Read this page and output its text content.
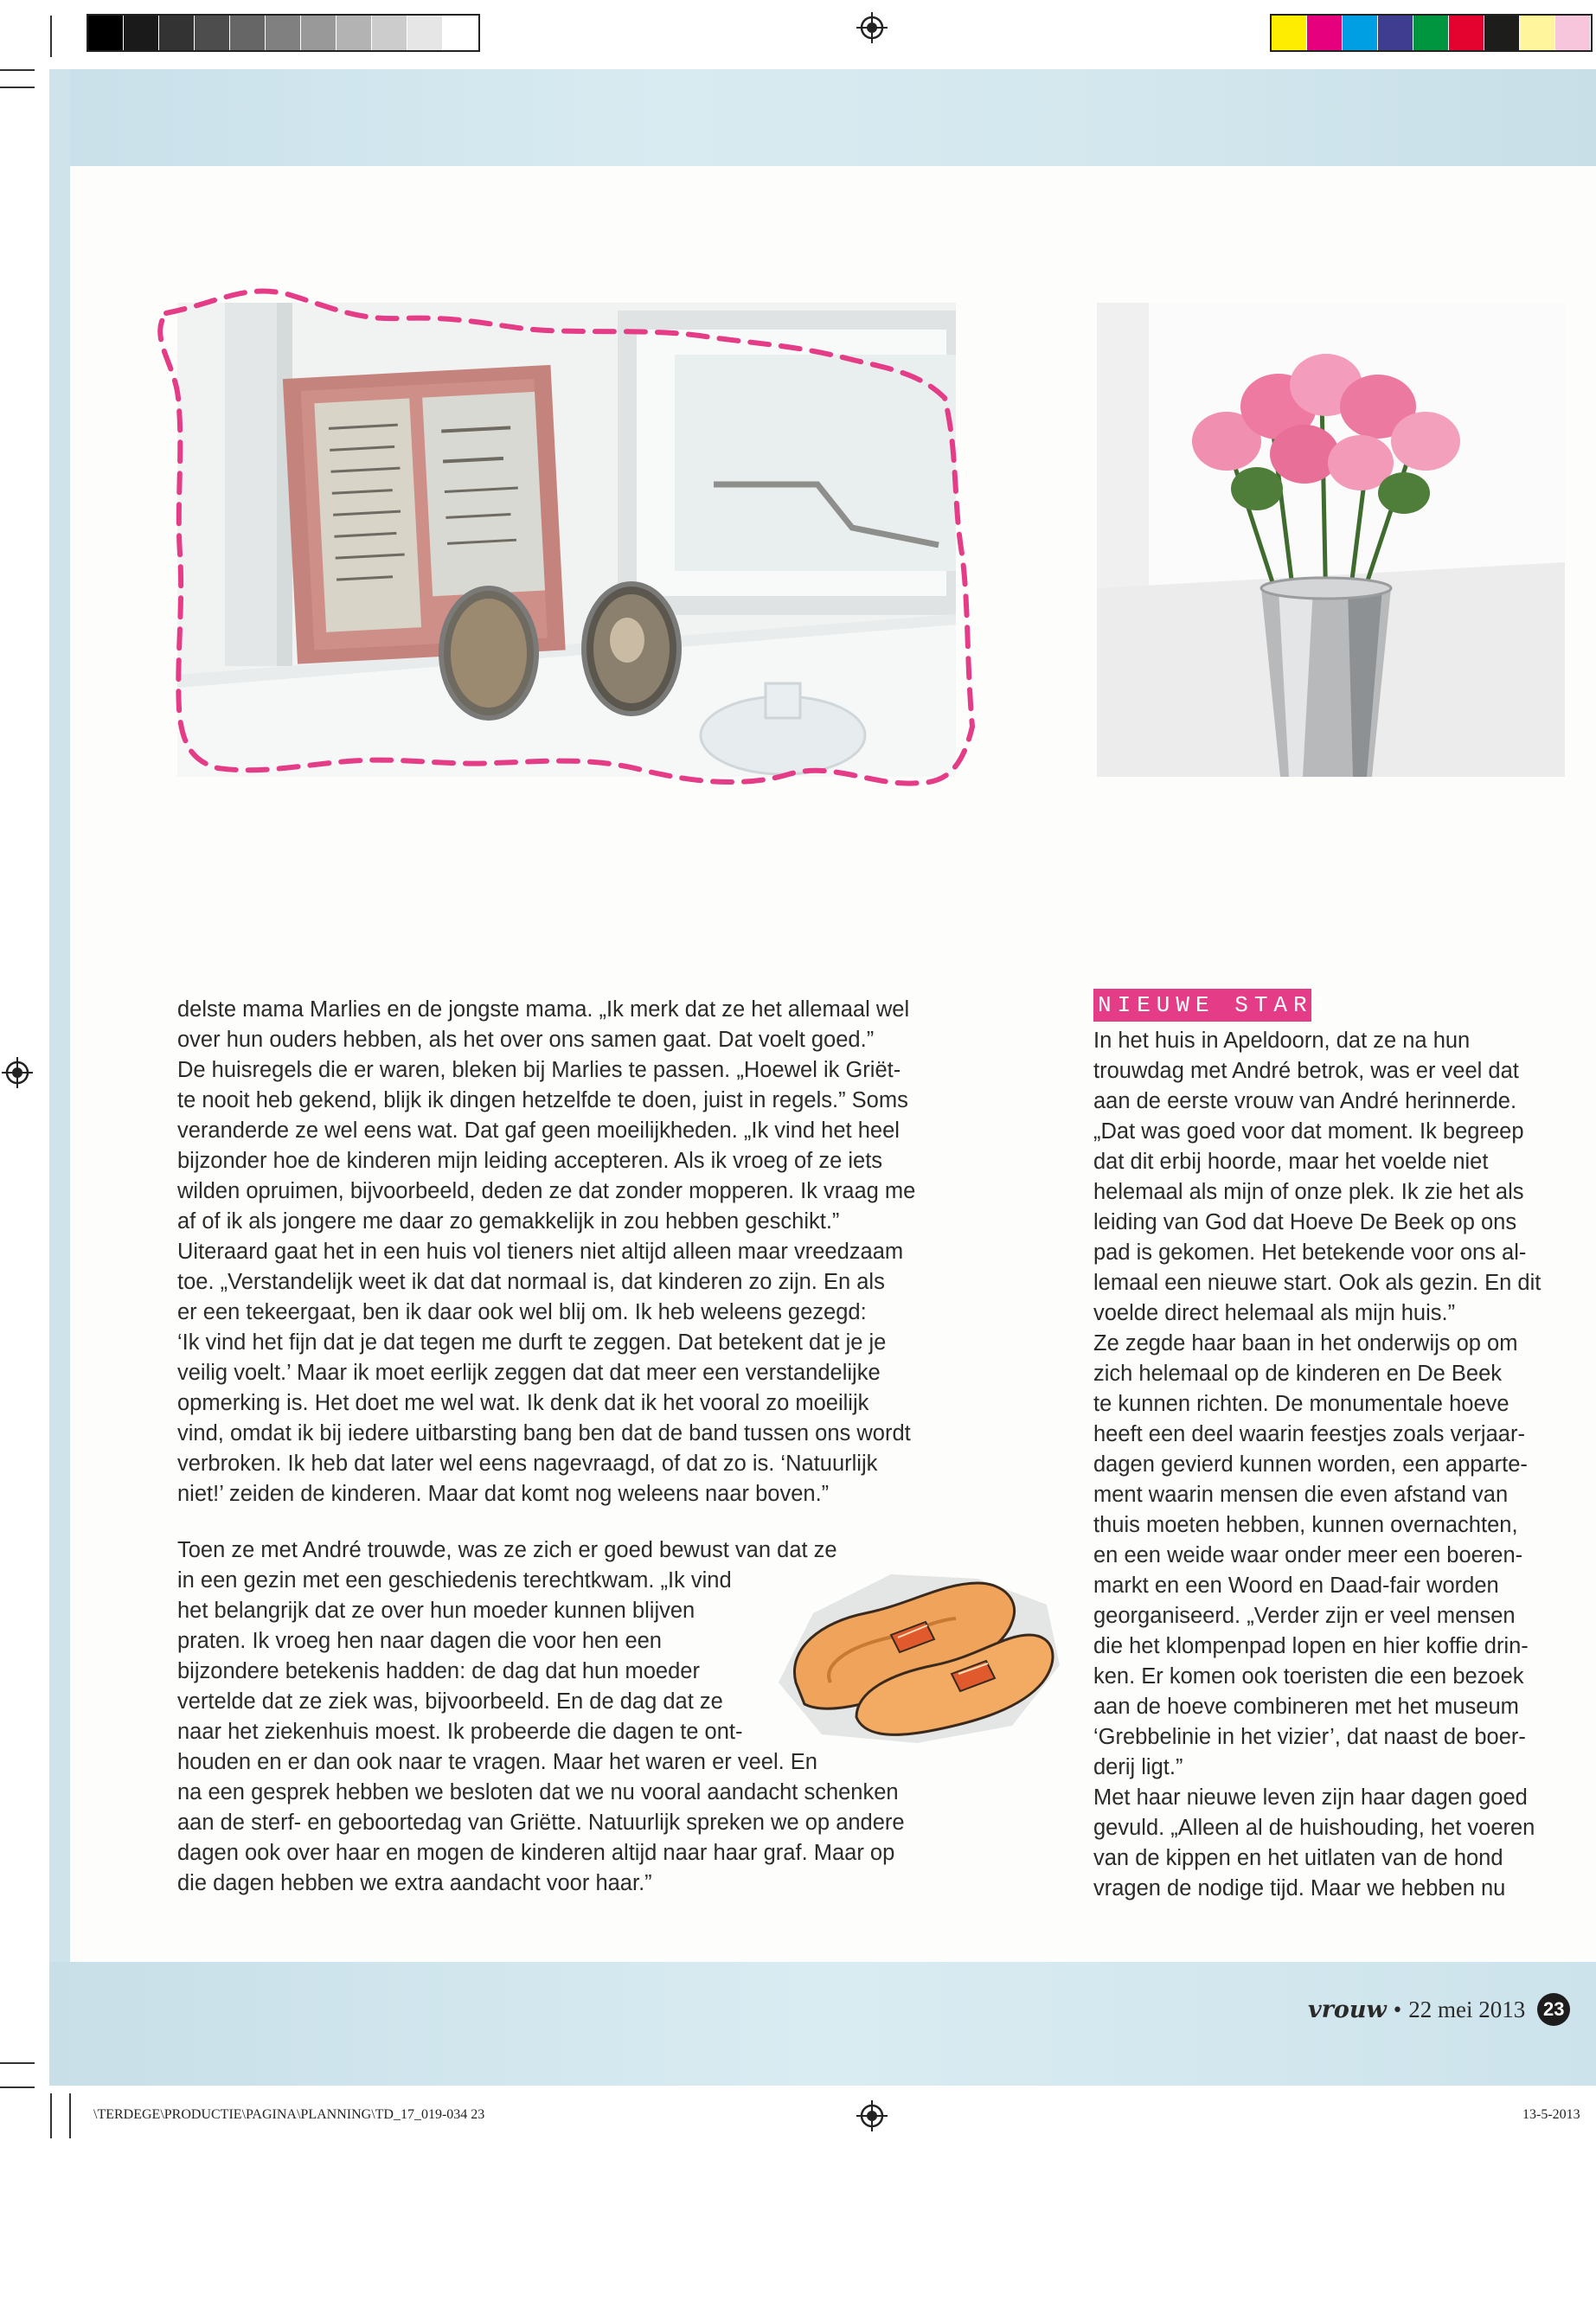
NIEUWE START
delste mama Marlies en de jongste mama. „Ik merk dat ze het allemaal wel
over hun ouders hebben, als het over ons samen gaat. Dat voelt goed.”
De huisregels die er waren, bleken bij Marlies te passen. „Hoewel ik Griët-
te nooit heb gekend, blijk ik dingen hetzelfde te doen, juist in regels.” Soms
veranderde ze wel eens wat. Dat gaf geen moeilijkheden. „Ik vind het heel
bijzonder hoe de kinderen mijn leiding accepteren. Als ik vroeg of ze iets
wilden opruimen, bijvoorbeeld, deden ze dat zonder mopperen. Ik vraag me
af of ik als jongere me daar zo gemakkelijk in zou hebben geschikt.”
Uiteraard gaat het in een huis vol tieners niet altijd alleen maar vreedzaam
toe. „Verstandelijk weet ik dat dat normaal is, dat kinderen zo zijn. En als
er een tekeergaat, ben ik daar ook wel blij om. Ik heb weleens gezegd:
‘Ik vind het fijn dat je dat tegen me durft te zeggen. Dat betekent dat je je
veilig voelt.’ Maar ik moet eerlijk zeggen dat dat meer een verstandelijke
opmerking is. Het doet me wel wat. Ik denk dat ik het vooral zo moeilijk
vind, omdat ik bij iedere uitbarsting bang ben dat de band tussen ons wordt
verbroken. Ik heb dat later wel eens nagevraagd, of dat zo is. ‘Natuurlijk
niet!’ zeiden de kinderen. Maar dat komt nog weleens naar boven.”
Toen ze met André trouwde, was ze zich er goed bewust van dat ze
in een gezin met een geschiedenis terechtkwam. „Ik vind
het belangrijk dat ze over hun moeder kunnen blijven
praten. Ik vroeg hen naar dagen die voor hen een
bijzondere betekenis hadden: de dag dat hun moeder
vertelde dat ze ziek was, bijvoorbeeld. En de dag dat ze
naar het ziekenhuis moest. Ik probeerde die dagen te ont-
houden en er dan ook naar te vragen. Maar het waren er veel. En
na een gesprek hebben we besloten dat we nu vooral aandacht schenken
aan de sterf- en geboortedag van Griëtte. Natuurlijk spreken we op andere
dagen ook over haar en mogen de kinderen altijd naar haar graf. Maar op
die dagen hebben we extra aandacht voor haar.”
In het huis in Apeldoorn, dat ze na hun
trouwdag met André betrok, was er veel dat
aan de eerste vrouw van André herinnerde.
„Dat was goed voor dat moment. Ik begreep
dat dit erbij hoorde, maar het voelde niet
helemaal als mijn of onze plek. Ik zie het als
leiding van God dat Hoeve De Beek op ons
pad is gekomen. Het betekende voor ons al-
lemaal een nieuwe start. Ook als gezin. En dit
voelde direct helemaal als mijn huis.”
Ze zegde haar baan in het onderwijs op om
zich helemaal op de kinderen en De Beek
te kunnen richten. De monumentale hoeve
heeft een deel waarin feestjes zoals verjaar-
dagen gevierd kunnen worden, een apparte-
ment waarin mensen die even afstand van
thuis moeten hebben, kunnen overnachten,
en een weide waar onder meer een boeren-
markt en een Woord en Daad-fair worden
georganiseerd. „Verder zijn er veel mensen
die het klompenpad lopen en hier koffie drin-
ken. Er komen ook toeristen die een bezoek
aan de hoeve combineren met het museum
‘Grebbelinie in het vizier’, dat naast de boer-
derij ligt.”
Met haar nieuwe leven zijn haar dagen goed
gevuld. „Alleen al de huishouding, het voeren
van de kippen en het uitlaten van de hond
vragen de nodige tijd. Maar we hebben nu
vrouw • 22 mei 2013 23
\TERDEGE\PRODUCTIE\PAGINA\PLANNING\TD_17_019-034 23	13-5-2013
